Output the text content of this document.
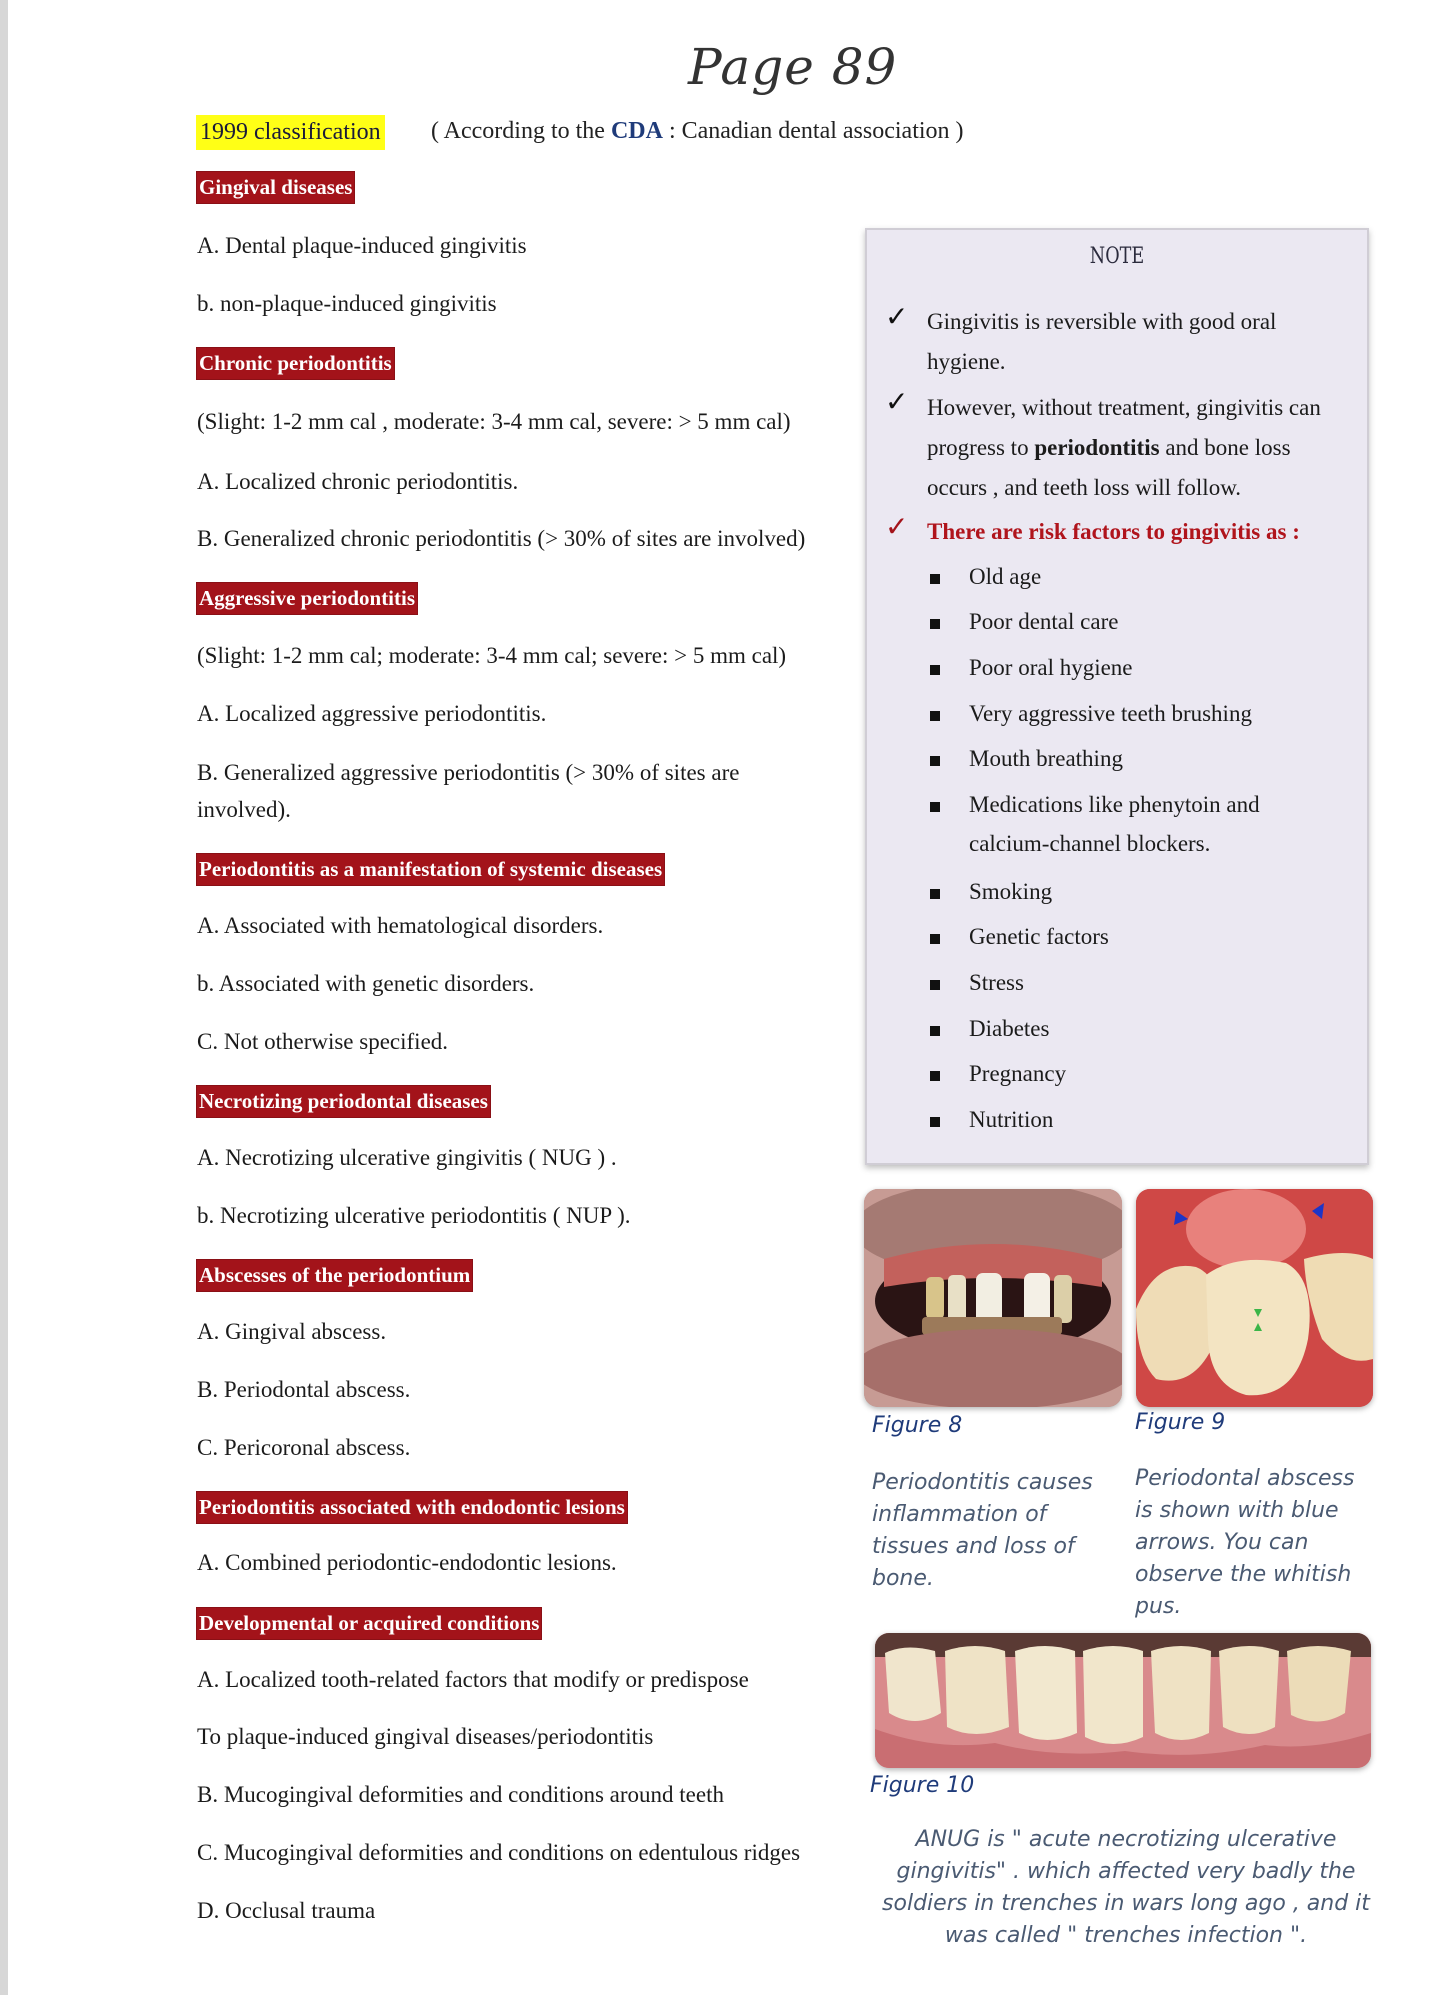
Page 89
1999 classification ( According to the CDA : Canadian dental association )
Gingival diseases
A. Dental plaque-induced gingivitis
b. non-plaque-induced gingivitis
Chronic periodontitis
(Slight: 1-2 mm cal , moderate: 3-4 mm cal, severe: > 5 mm cal)
A. Localized chronic periodontitis.
B. Generalized chronic periodontitis (> 30% of sites are involved)
Aggressive periodontitis
(Slight: 1-2 mm cal; moderate: 3-4 mm cal; severe: > 5 mm cal)
A. Localized aggressive periodontitis.
B. Generalized aggressive periodontitis (> 30% of sites are
involved).
Periodontitis as a manifestation of systemic diseases
A. Associated with hematological disorders.
b. Associated with genetic disorders.
C. Not otherwise specified.
Necrotizing periodontal diseases
A. Necrotizing ulcerative gingivitis ( NUG ) .
b. Necrotizing ulcerative periodontitis ( NUP ).
Abscesses of the periodontium
A. Gingival abscess.
B. Periodontal abscess.
C. Pericoronal abscess.
Periodontitis associated with endodontic lesions
A. Combined periodontic-endodontic lesions.
Developmental or acquired conditions
A. Localized tooth-related factors that modify or predispose
To plaque-induced gingival diseases/periodontitis
B. Mucogingival deformities and conditions around teeth
C. Mucogingival deformities and conditions on edentulous ridges
D. Occlusal trauma
NOTE
✓ Gingivitis is reversible with good oral hygiene.
✓ However, without treatment, gingivitis can progress to periodontitis and bone loss occurs , and teeth loss will follow.
✓ There are risk factors to gingivitis as :
Old age
Poor dental care
Poor oral hygiene
Very aggressive teeth brushing
Mouth breathing
Medications like phenytoin and
calcium-channel blockers.
Smoking
Genetic factors
Stress
Diabetes
Pregnancy
Nutrition
Figure 8	Figure 9
Periodontitis causes inflammation of tissues and loss of bone.
Periodontal abscess is shown with blue arrows. You can observe the whitish pus.
Figure 10
ANUG is " acute necrotizing ulcerative gingivitis" . which affected very badly the soldiers in trenches in wars long ago , and it was called " trenches infection ".
